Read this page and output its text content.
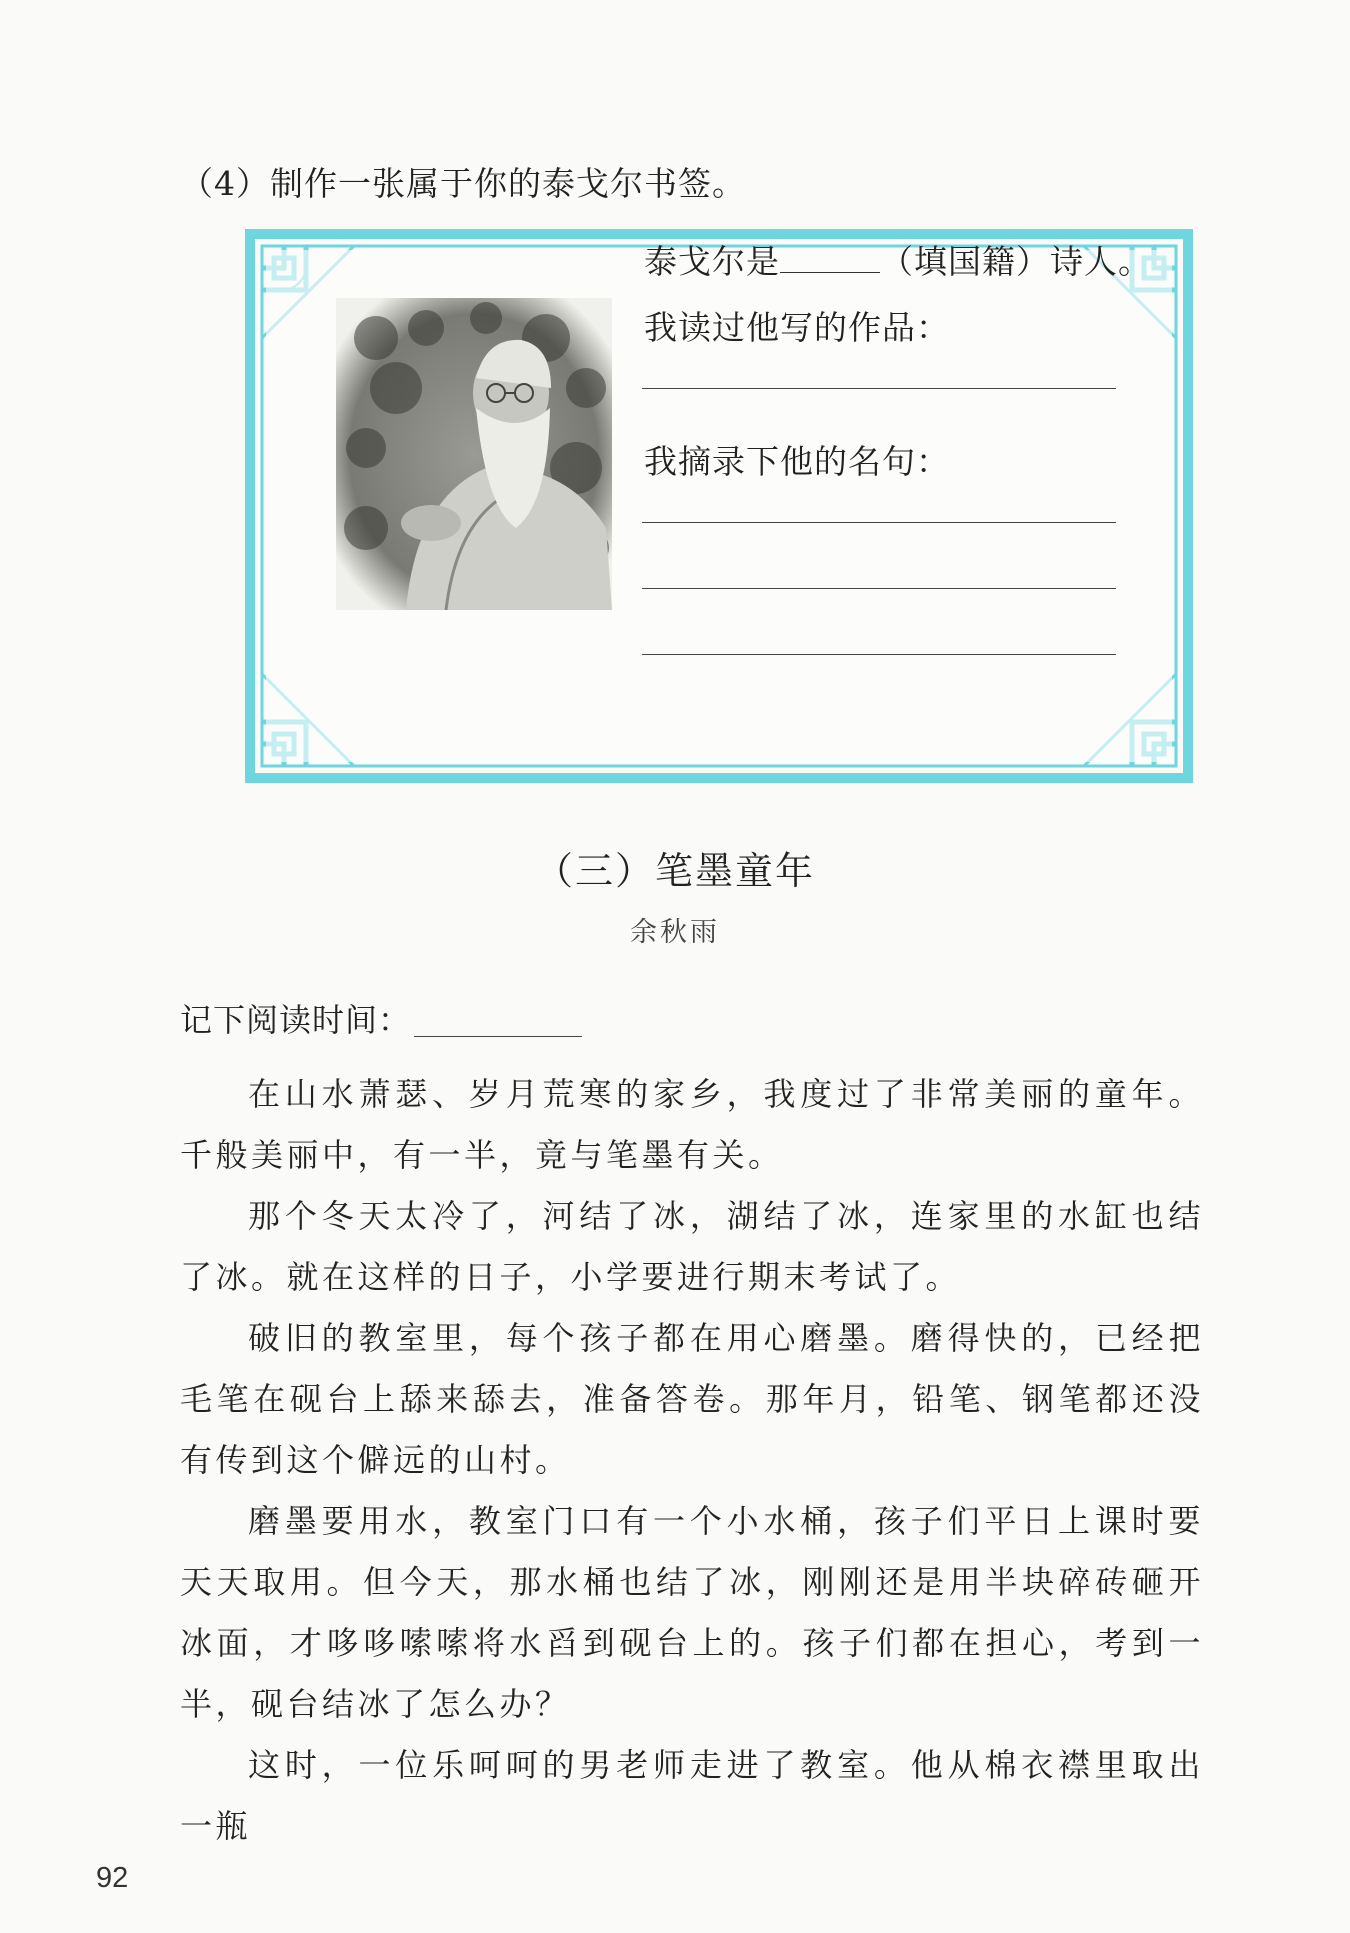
（4）制作一张属于你的泰戈尔书签。
泰戈尔是	（填国籍）诗人。
我读过他写的作品：
我摘录下他的名句：
（三）笔墨童年
余秋雨
记下阅读时间：
在山水萧瑟、岁月荒寒的家乡，我度过了非常美丽的童年。千般美丽中，有一半，竟与笔墨有关。
那个冬天太冷了，河结了冰，湖结了冰，连家里的水缸也结了冰。就在这样的日子，小学要进行期末考试了。
破旧的教室里，每个孩子都在用心磨墨。磨得快的，已经把毛笔在砚台上舔来舔去，准备答卷。那年月，铅笔、钢笔都还没有传到这个僻远的山村。
磨墨要用水，教室门口有一个小水桶，孩子们平日上课时要天天取用。但今天，那水桶也结了冰，刚刚还是用半块碎砖砸开冰面，才哆哆嗦嗦将水舀到砚台上的。孩子们都在担心，考到一半，砚台结冰了怎么办？
这时，一位乐呵呵的男老师走进了教室。他从棉衣襟里取出一瓶
92
